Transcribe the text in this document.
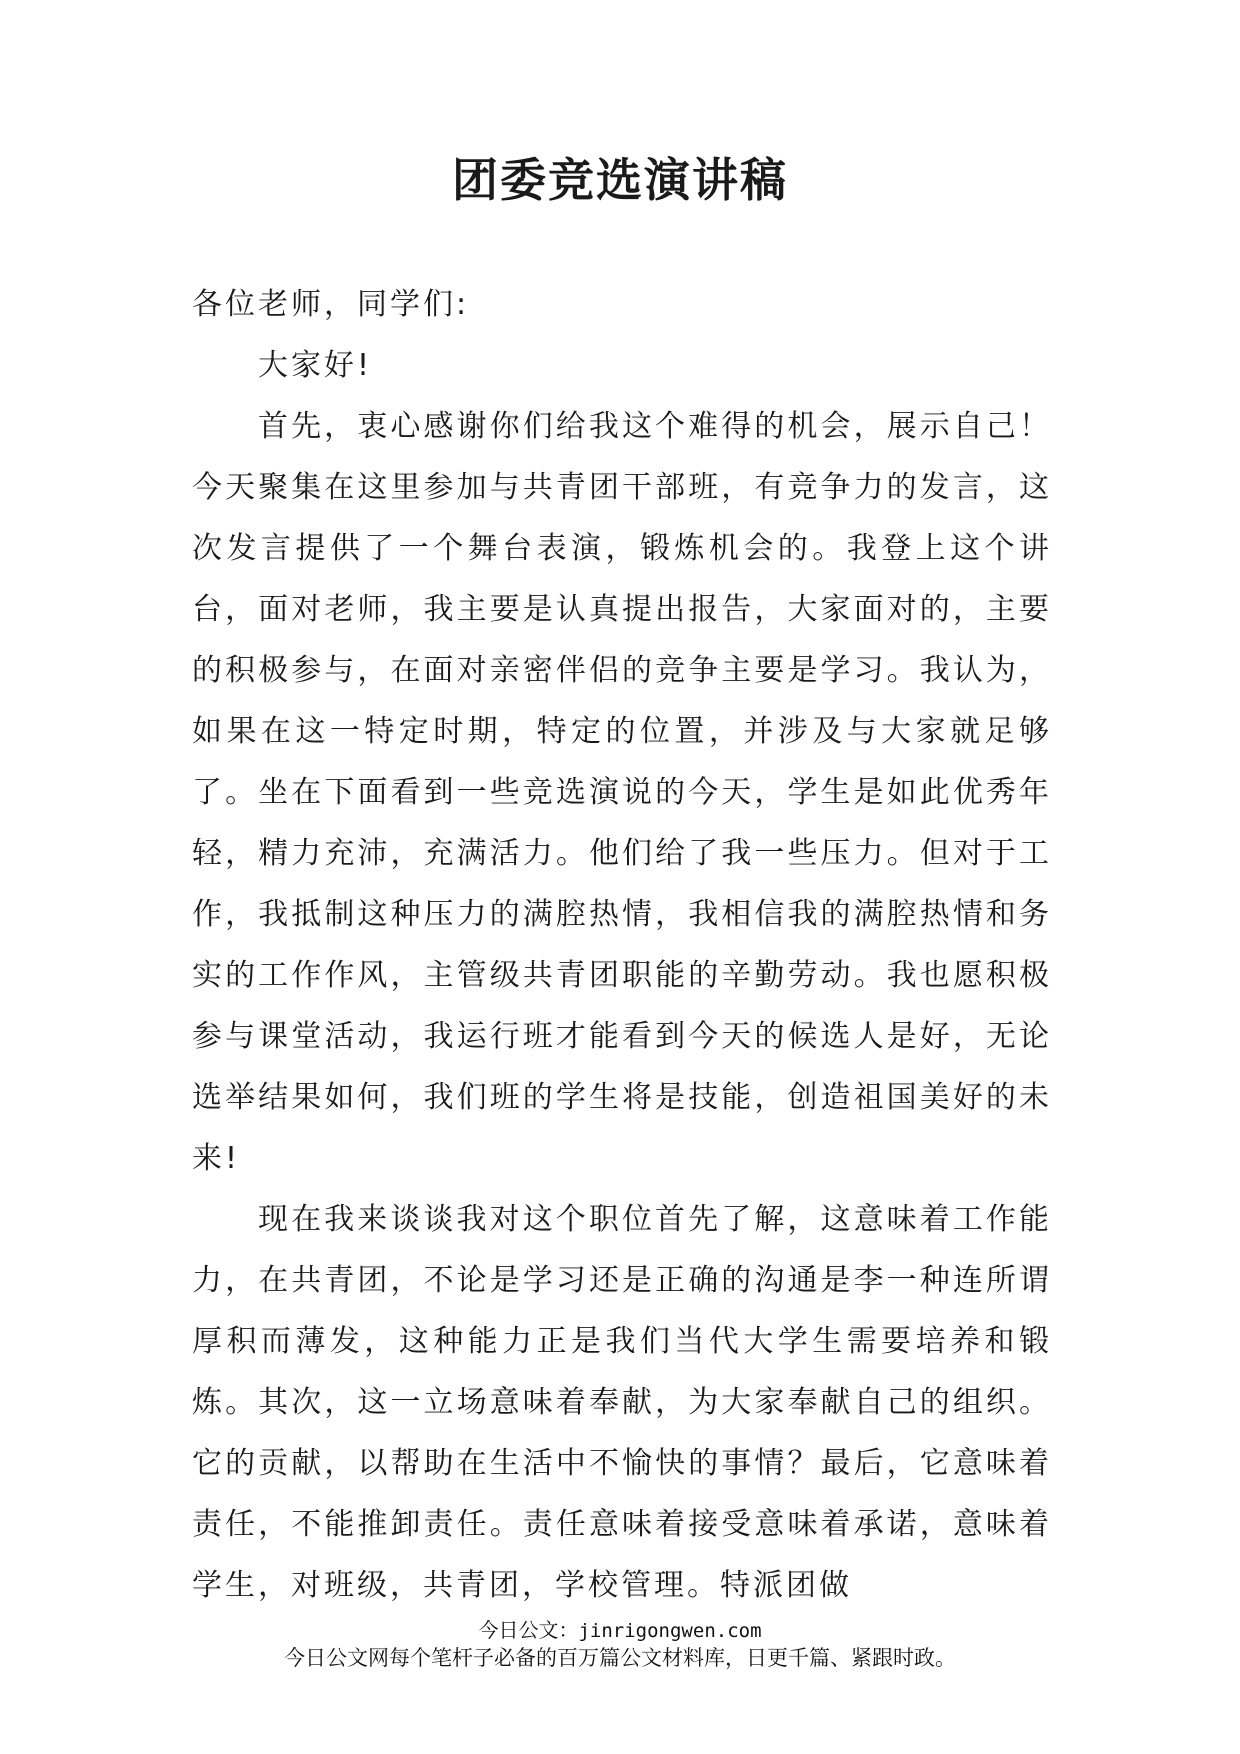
团委竞选演讲稿

各位老师，同学们:

大家好!

首先，衷心感谢你们给我这个难得的机会，展示自己！今天聚集在这里参加与共青团干部班，有竞争力的发言，这次发言提供了一个舞台表演，锻炼机会的。我登上这个讲台，面对老师，我主要是认真提出报告，大家面对的，主要的积极参与，在面对亲密伴侣的竞争主要是学习。我认为，如果在这一特定时期，特定的位置，并涉及与大家就足够了。坐在下面看到一些竞选演说的今天，学生是如此优秀年轻，精力充沛，充满活力。他们给了我一些压力。但对于工作，我抵制这种压力的满腔热情，我相信我的满腔热情和务实的工作作风，主管级共青团职能的辛勤劳动。我也愿积极参与课堂活动，我运行班才能看到今天的候选人是好，无论选举结果如何，我们班的学生将是技能，创造祖国美好的未来!

现在我来谈谈我对这个职位首先了解，这意味着工作能力，在共青团，不论是学习还是正确的沟通是李一种连所谓厚积而薄发，这种能力正是我们当代大学生需要培养和锻炼。其次，这一立场意味着奉献，为大家奉献自己的组织。它的贡献，以帮助在生活中不愉快的事情？最后，它意味着责任，不能推卸责任。责任意味着接受意味着承诺，意味着学生，对班级，共青团，学校管理。特派团做

今日公文：jinrigongwen.com
今日公文网每个笔杆子必备的百万篇公文材料库，日更千篇、紧跟时政。
